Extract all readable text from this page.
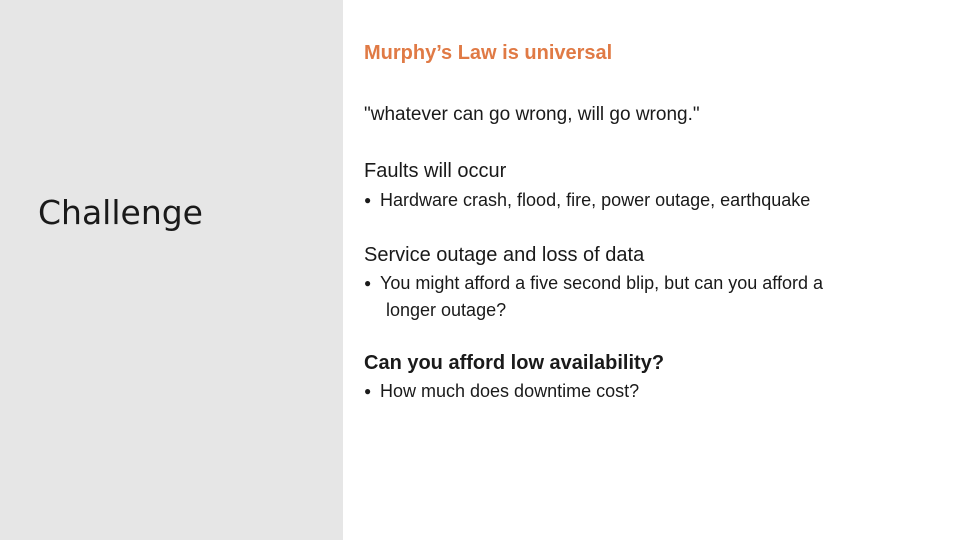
Challenge
Murphy’s Law is universal
"whatever can go wrong, will go wrong."
Faults will occur
● Hardware crash, flood, fire, power outage, earthquake
Service outage and loss of data
● You might afford a five second blip, but can you afford a
longer outage?
Can you afford low availability?
● How much does downtime cost?
